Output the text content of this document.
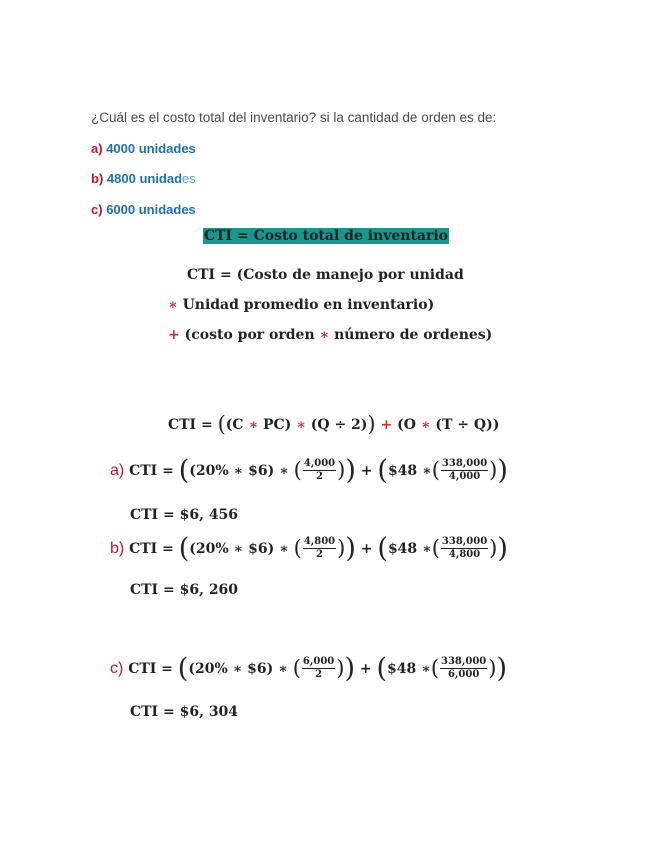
¿Cuál es el costo total del inventario? si la cantidad de orden es de:
a) 4000 unidades
b) 4800 unidades
c) 6000 unidades
CTI = Costo total de inventario
CTI = (Costo de manejo por unidad
∗ Unidad promedio en inventario)
+ (costo por orden ∗ número de ordenes)
CTI =
( (C
∗
PC)
∗
(Q ÷ 2) )
+
(O
∗
(T ÷ Q))
a)
CTI =
( (20% ∗ $6)
∗
( $\frac{4,000}{2}$ ) )
+
( $48 ∗ ( $\frac{338,000}{4,000}$ ) )
CTI = $6, 456
b)
CTI =
( (20% ∗ $6)
∗
( $\frac{4,800}{2}$ ) )
+
( $48 ∗ ( $\frac{338,000}{4,800}$ ) )
CTI = $6, 260
c)
CTI =
( (20% ∗ $6)
∗
( $\frac{6,000}{2}$ ) )
+
( $48 ∗ ( $\frac{338,000}{6,000}$ ) )
CTI = $6, 304
